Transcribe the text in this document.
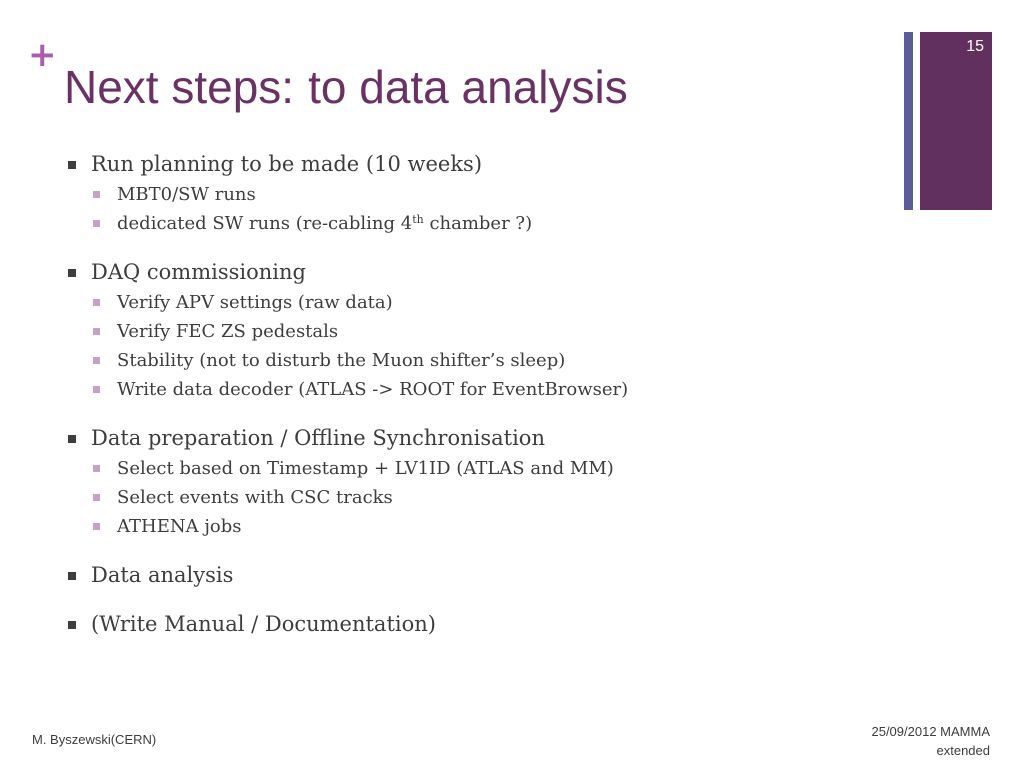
+
Next steps: to data analysis
15
Run planning to be made (10 weeks)
MBT0/SW runs
dedicated SW runs (re-cabling 4th chamber ?)
DAQ commissioning
Verify APV settings (raw data)
Verify FEC ZS pedestals
Stability (not to disturb the Muon shifter’s sleep)
Write data decoder (ATLAS -> ROOT for EventBrowser)
Data preparation / Offline Synchronisation
Select based on Timestamp + LV1ID (ATLAS and MM)
Select events with CSC tracks
ATHENA jobs
Data analysis
(Write Manual / Documentation)
M. Byszewski(CERN)
25/09/2012 MAMMA
extended
